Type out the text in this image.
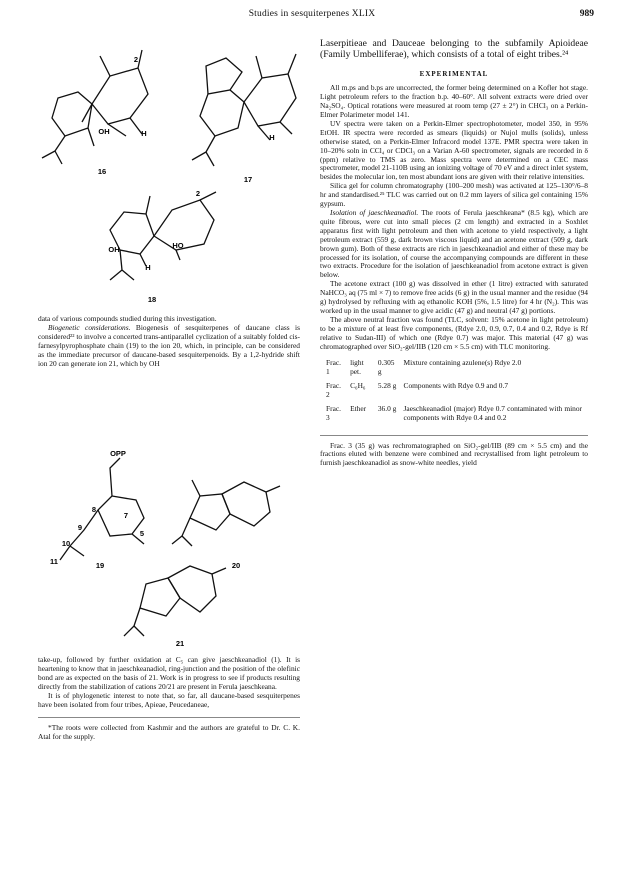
Studies in sesquiterpenes XLIX	989
OH	H
2
16
H
17
OH	HO
H
2
18

data of various compounds studied during this investigation.

Biogenetic considerations. Biogenesis of sesquiterpenes of daucane class is considered²² to involve a concerted trans-antiparallel cyclization of a suitably folded cis-farnesylpyrophosphate chain (19) to the ion 20, which, in principle, can be considered as the immediate precursor of daucane-based sesquiterpenoids. By a 1,2-hydride shift ion 20 can generate ion 21, which by OH

OPP
8
9
10
11
7
5
19	20
21

take-up, followed by further oxidation at C₅ can give jaeschkeanadiol (1). It is heartening to know that in jaeschkeanadiol, ring-junction and the position of the olefinic bond are as expected on the basis of 21. Work is in progress to see if products resulting directly from the stabilization of cations 20/21 are present in Ferula jaeschkeana.

It is of phylogenetic interest to note that, so far, all daucane-based sesquiterpenes have been isolated from four tribes, Apieae, Peucedaneae,

*The roots were collected from Kashmir and the authors are grateful to Dr. C. K. Atal for the supply.

Laserpitieae and Dauceae belonging to the subfamily Apioideae (Family Umbelliferae), which consists of a total of eight tribes.²⁴

EXPERIMENTAL

All m.ps and b.ps are uncorrected, the former being determined on a Kofler hot stage. Light petroleum refers to the fraction b.p. 40–60°. All solvent extracts were dried over Na₂SO₄. Optical rotations were measured at room temp (27 ± 2°) in CHCl₃ on a Perkin-Elmer Polarimeter model 141.

UV spectra were taken on a Perkin-Elmer spectrophotometer, model 350, in 95% EtOH. IR spectra were recorded as smears (liquids) or Nujol mulls (solids), unless otherwise stated, on a Perkin-Elmer Infracord model 137E. PMR spectra were taken in 10–20% soln in CCl₄ or CDCl₃ on a Varian A-60 spectrometer, signals are recorded in δ (ppm) relative to TMS as zero. Mass spectra were determined on a CEC mass spectrometer, model 21-110B using an ionizing voltage of 70 eV and a direct inlet system, besides the molecular ion, ten most abundant ions are given with their relative intensities.

Silica gel for column chromatography (100–200 mesh) was activated at 125–130°/6–8 hr and standardised.²⁵ TLC was carried out on 0.2 mm layers of silica gel containing 15% gypsum.

Isolation of jaeschkeanadiol. The roots of Ferula jaeschkeana* (8.5 kg), which are quite fibrous, were cut into small pieces (2 cm length) and extracted in a Soxhlet apparatus first with light petroleum and then with acetone to yield respectively, a light petroleum extract (559 g, dark brown viscous liquid) and an acetone extract (509 g, dark brown gum). Both of these extracts are rich in jaeschkeanadiol and either of these may be processed for its isolation, of course the accompanying compounds are different in these two extracts. Procedure for the isolation of jaeschkeanadiol from acetone extract is given below.

The acetone extract (100 g) was dissolved in ether (1 litre) extracted with saturated NaHCO₃ aq (75 ml × 7) to remove free acids (6 g) in the usual manner and the residue (94 g) hydrolysed by refluxing with aq ethanolic KOH (5%, 1.5 litre) for 4 hr (N₂). This was worked up in the usual manner to give acidic (47 g) and neutral (47 g) portions.

The above neutral fraction was found (TLC, solvent: 15% acetone in light petroleum) to be a mixture of at least five components, (Rdye 2.0, 0.9, 0.7, 0.4 and 0.2, Rdye is Rf relative to Sudan-III) of which one (Rdye 0.7) was major. This material (47 g) was chromatographed over SiO₂-gel/IIB (120 cm × 5.5 cm) with TLC monitoring.

Frac. 1	light pet.	0.305 g	Mixture containing azulene(s) Rdye 2.0
Frac. 2	C₆H₆	5.28 g	Components with Rdye 0.9 and 0.7
Frac. 3	Ether	36.0 g	Jaeschkeanadiol (major) Rdye 0.7 contaminated with minor components with Rdye 0.4 and 0.2

Frac. 3 (35 g) was rechromatographed on SiO₂-gel/IIB (89 cm × 5.5 cm) and the fractions eluted with benzene were combined and recrystallised from light petroleum to furnish jaeschkeanadiol as snow-white needles, yield
